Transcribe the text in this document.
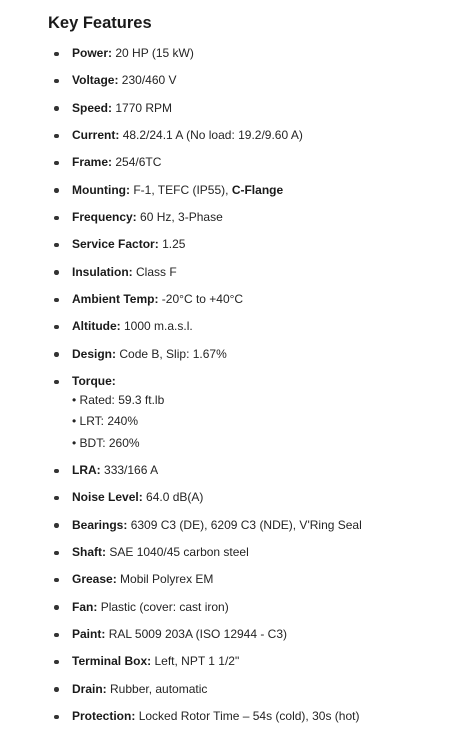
Key Features
Power: 20 HP (15 kW)
Voltage: 230/460 V
Speed: 1770 RPM
Current: 48.2/24.1 A (No load: 19.2/9.60 A)
Frame: 254/6TC
Mounting: F-1, TEFC (IP55), C-Flange
Frequency: 60 Hz, 3-Phase
Service Factor: 1.25
Insulation: Class F
Ambient Temp: -20°C to +40°C
Altitude: 1000 m.a.s.l.
Design: Code B, Slip: 1.67%
Torque:
• Rated: 59.3 ft.lb
• LRT: 240%
• BDT: 260%
LRA: 333/166 A
Noise Level: 64.0 dB(A)
Bearings: 6309 C3 (DE), 6209 C3 (NDE), V'Ring Seal
Shaft: SAE 1040/45 carbon steel
Grease: Mobil Polyrex EM
Fan: Plastic (cover: cast iron)
Paint: RAL 5009 203A (ISO 12944 - C3)
Terminal Box: Left, NPT 1 1/2"
Drain: Rubber, automatic
Protection: Locked Rotor Time – 54s (cold), 30s (hot)
